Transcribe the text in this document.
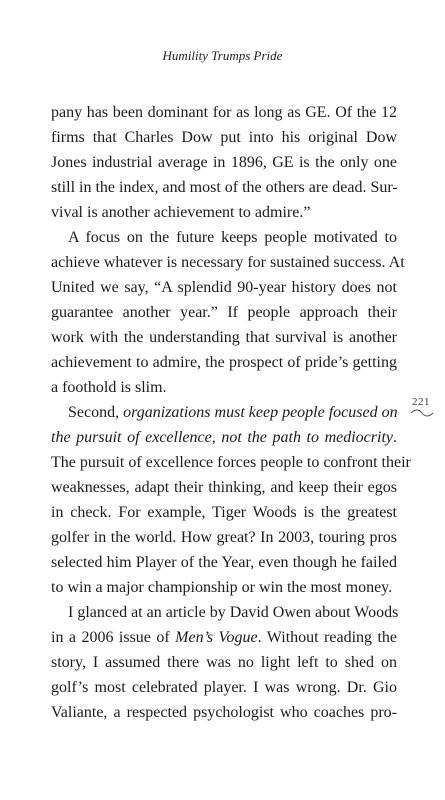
Humility Trumps Pride
221
pany has been dominant for as long as GE. Of the 12
firms that Charles Dow put into his original Dow
Jones industrial average in 1896, GE is the only one
still in the index, and most of the others are dead. Sur-
vival is another achievement to admire.”
A focus on the future keeps people motivated to
achieve whatever is necessary for sustained success. At
United we say, “A splendid 90-year history does not
guarantee another year.” If people approach their
work with the understanding that survival is another
achievement to admire, the prospect of pride’s getting
a foothold is slim.
Second, organizations must keep people focused on
the pursuit of excellence, not the path to mediocrity.
The pursuit of excellence forces people to confront their
weaknesses, adapt their thinking, and keep their egos
in check. For example, Tiger Woods is the greatest
golfer in the world. How great? In 2003, touring pros
selected him Player of the Year, even though he failed
to win a major championship or win the most money.
I glanced at an article by David Owen about Woods
in a 2006 issue of Men’s Vogue. Without reading the
story, I assumed there was no light left to shed on
golf’s most celebrated player. I was wrong. Dr. Gio
Valiante, a respected psychologist who coaches pro-
